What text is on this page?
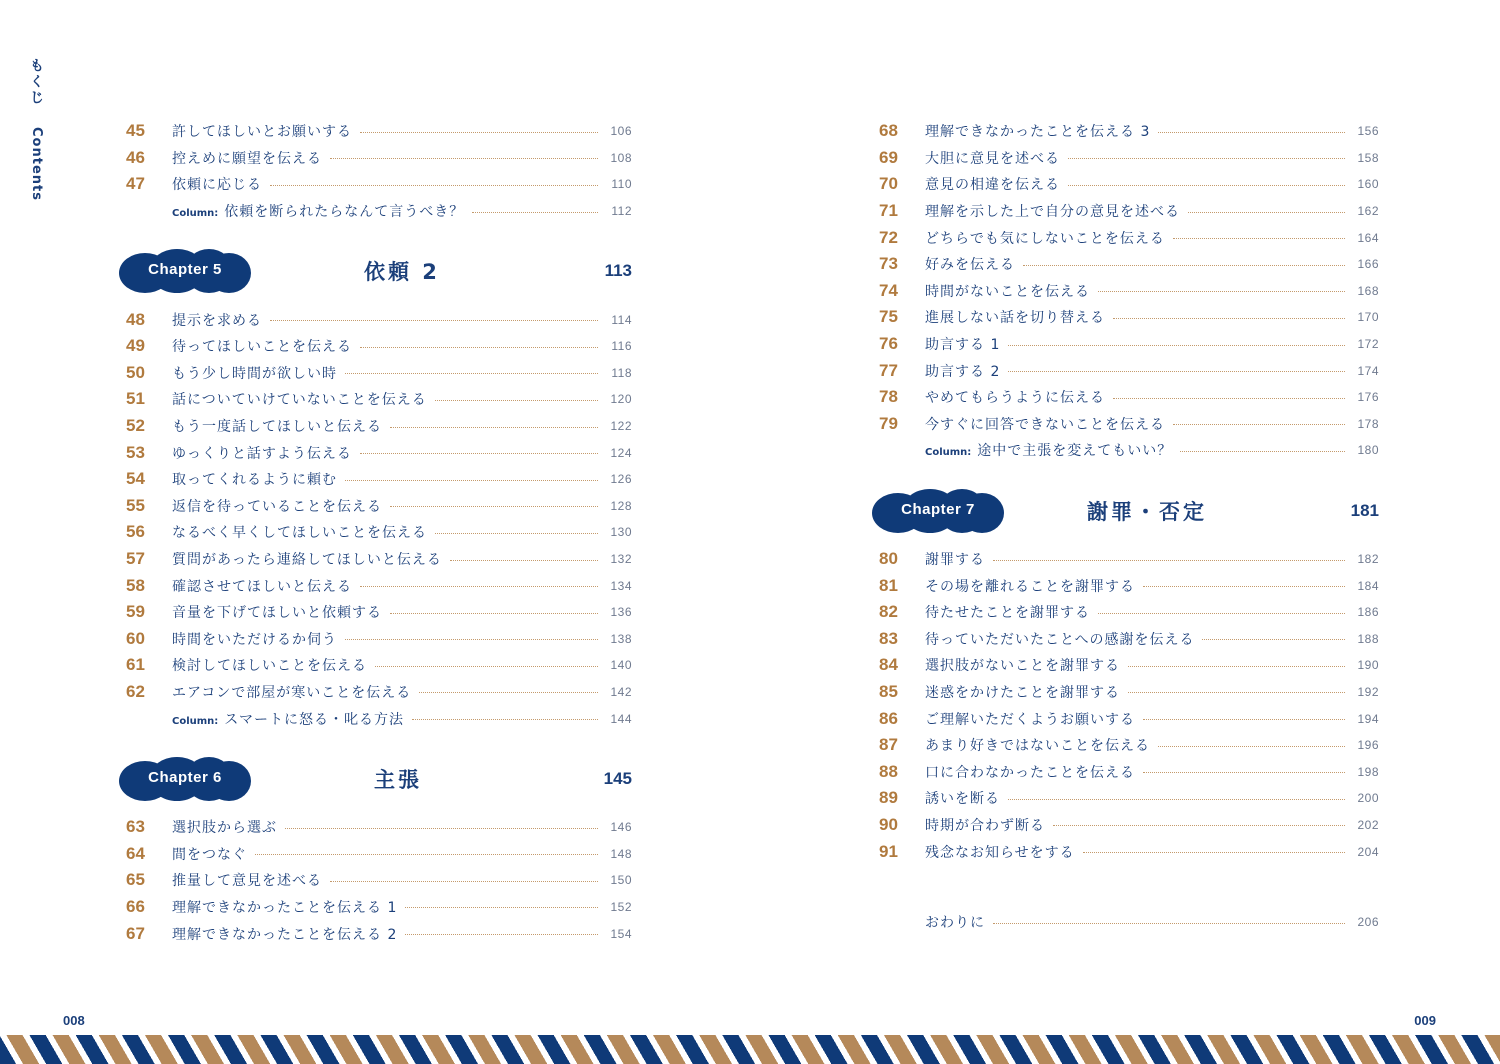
もくじ Contents	45	許してほしいとお願いする	106
46	控えめに願望を伝える	108
47	依頼に応じる	110
Column: 依頼を断られたらなんて言うべき？	112
Chapter 5	依頼 2	113
48	提示を求める	114
49	待ってほしいことを伝える	116
50	もう少し時間が欲しい時	118
51	話についていけていないことを伝える	120
52	もう一度話してほしいと伝える	122
53	ゆっくりと話すよう伝える	124
54	取ってくれるように頼む	126
55	返信を待っていることを伝える	128
56	なるべく早くしてほしいことを伝える	130
57	質問があったら連絡してほしいと伝える	132
58	確認させてほしいと伝える	134
59	音量を下げてほしいと依頼する	136
60	時間をいただけるか伺う	138
61	検討してほしいことを伝える	140
62	エアコンで部屋が寒いことを伝える	142
Column: スマートに怒る・叱る方法	144
Chapter 6	主張	145
63	選択肢から選ぶ	146
64	間をつなぐ	148
65	推量して意見を述べる	150
66	理解できなかったことを伝える 1	152
67	理解できなかったことを伝える 2	154
68	理解できなかったことを伝える 3	156
69	大胆に意見を述べる	158
70	意見の相違を伝える	160
71	理解を示した上で自分の意見を述べる	162
72	どちらでも気にしないことを伝える	164
73	好みを伝える	166
74	時間がないことを伝える	168
75	進展しない話を切り替える	170
76	助言する 1	172
77	助言する 2	174
78	やめてもらうように伝える	176
79	今すぐに回答できないことを伝える	178
Column: 途中で主張を変えてもいい？	180
Chapter 7	謝罪・否定	181
80	謝罪する	182
81	その場を離れることを謝罪する	184
82	待たせたことを謝罪する	186
83	待っていただいたことへの感謝を伝える	188
84	選択肢がないことを謝罪する	190
85	迷惑をかけたことを謝罪する	192
86	ご理解いただくようお願いする	194
87	あまり好きではないことを伝える	196
88	口に合わなかったことを伝える	198
89	誘いを断る	200
90	時期が合わず断る	202
91	残念なお知らせをする	204
おわりに	206
008	009
